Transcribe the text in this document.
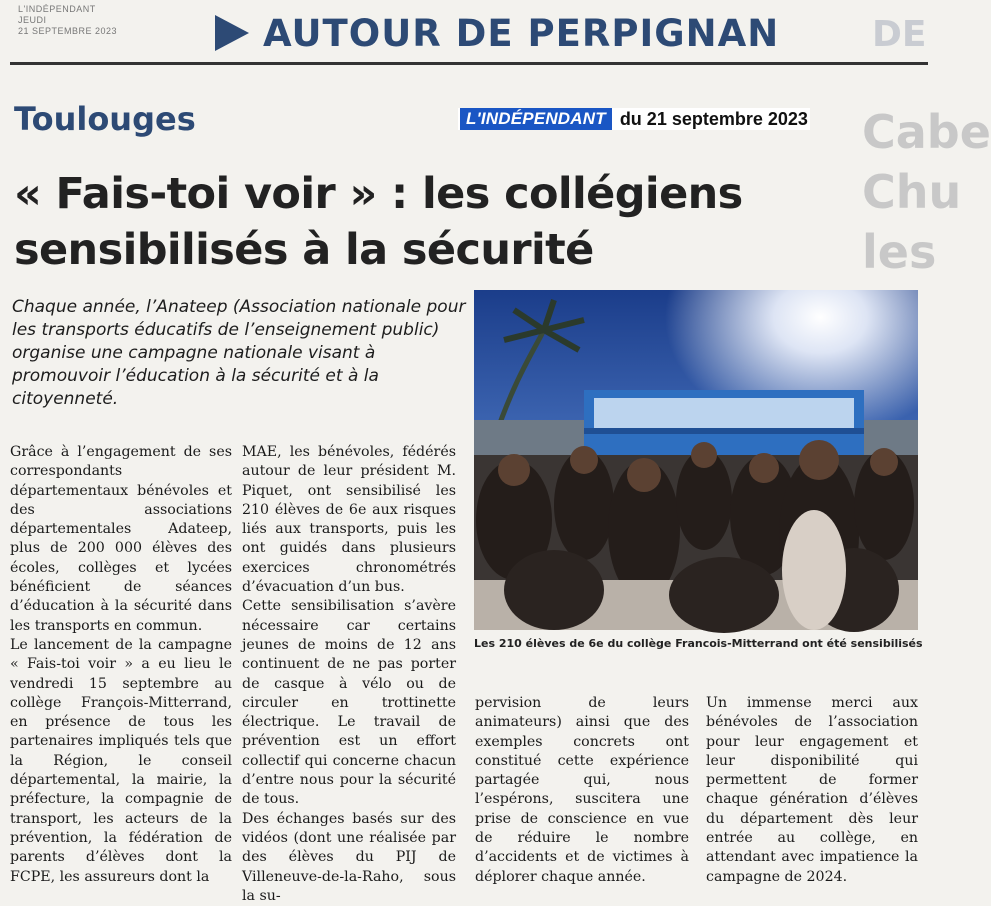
L'INDÉPENDANT
JEUDI
21 SEPTEMBRE 2023	AUTOUR DE PERPIGNAN	DE
Cabe
Chu
les
Toulouges	L'INDÉPENDANT du 21 septembre 2023
« Fais-toi voir » : les collégiens
sensibilisés à la sécurité
Chaque année, l’Anateep (Association nationale pour les transports éducatifs de l’enseignement public) organise une campagne nationale visant à promouvoir l’éducation à la sécurité et à la citoyenneté.
Les 210 élèves de 6e du collège Francois-Mitterrand ont été sensibilisés
Grâce à l’engagement de ses correspondants départementaux bénévoles et des associations départementales Adateep, plus de 200 000 élèves des écoles, collèges et lycées bénéficient de séances d’éducation à la sécurité dans les transports en commun.
Le lancement de la campagne « Fais-toi voir » a eu lieu le vendredi 15 septembre au collège François-Mitterrand, en présence de tous les partenaires impliqués tels que la Région, le conseil départemental, la mairie, la préfecture, la compagnie de transport, les acteurs de la prévention, la fédération de parents d’élèves dont la FCPE, les assureurs dont la
MAE, les bénévoles, fédérés autour de leur président M. Piquet, ont sensibilisé les 210 élèves de 6e aux risques liés aux transports, puis les ont guidés dans plusieurs exercices chronométrés d’évacuation d’un bus.
Cette sensibilisation s’avère nécessaire car certains jeunes de moins de 12 ans continuent de ne pas porter de casque à vélo ou de circuler en trottinette électrique. Le travail de prévention est un effort collectif qui concerne chacun d’entre nous pour la sécurité de tous.
Des échanges basés sur des vidéos (dont une réalisée par des élèves du PIJ de Villeneuve-de-la-Raho, sous la su-
pervision de leurs animateurs) ainsi que des exemples concrets ont constitué cette expérience partagée qui, nous l’espérons, suscitera une prise de conscience en vue de réduire le nombre d’accidents et de victimes à déplorer chaque année.
Un immense merci aux bénévoles de l’association pour leur engagement et leur disponibilité qui permettent de former chaque génération d’élèves du département dès leur entrée au collège, en attendant avec impatience la campagne de 2024.
